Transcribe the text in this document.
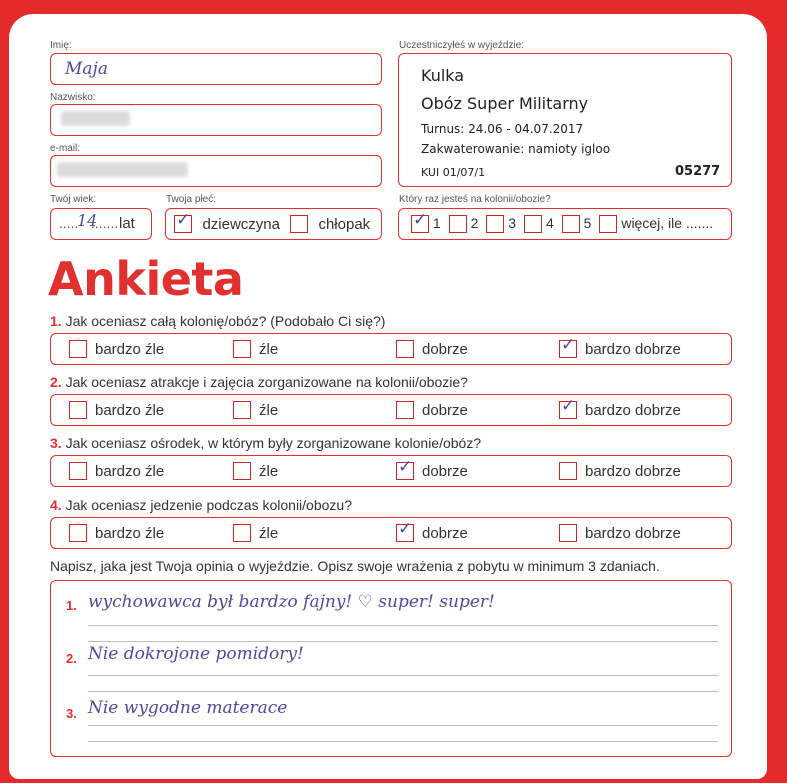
Imię:
Maja
Nazwisko:
e-mail:
Twój wiek:
.....
14
....... lat
Twoja płeć:
✓ dziewczyna	chłopak
Uczestniczyłeś w wyjeździe:
Kulka
Obóz Super Militarny
Turnus: 24.06 - 04.07.2017
Zakwaterowanie: namioty igloo
KUI 01/07/1	05277
Który raz jesteś na kolonii/obozie?
✓ 1	2	3	4	5	więcej, ile .......
Ankieta
1. Jak oceniasz całą kolonię/obóz? (Podobało Ci się?)
bardzo źle	źle	dobrze ✓	bardzo dobrze
2. Jak oceniasz atrakcje i zajęcia zorganizowane na kolonii/obozie?
bardzo źle	źle	dobrze ✓	bardzo dobrze
3. Jak oceniasz ośrodek, w którym były zorganizowane kolonie/obóz?
bardzo źle	źle ✓	dobrze	bardzo dobrze
4. Jak oceniasz jedzenie podczas kolonii/obozu?
bardzo źle	źle ✓	dobrze	bardzo dobrze
Napisz, jaka jest Twoja opinia o wyjeździe. Opisz swoje wrażenia z pobytu w minimum 3 zdaniach.
1. wychowawca był bardzo fajny! ♡ super! super!
2. Nie dokrojone pomidory!
3. Nie wygodne materace
